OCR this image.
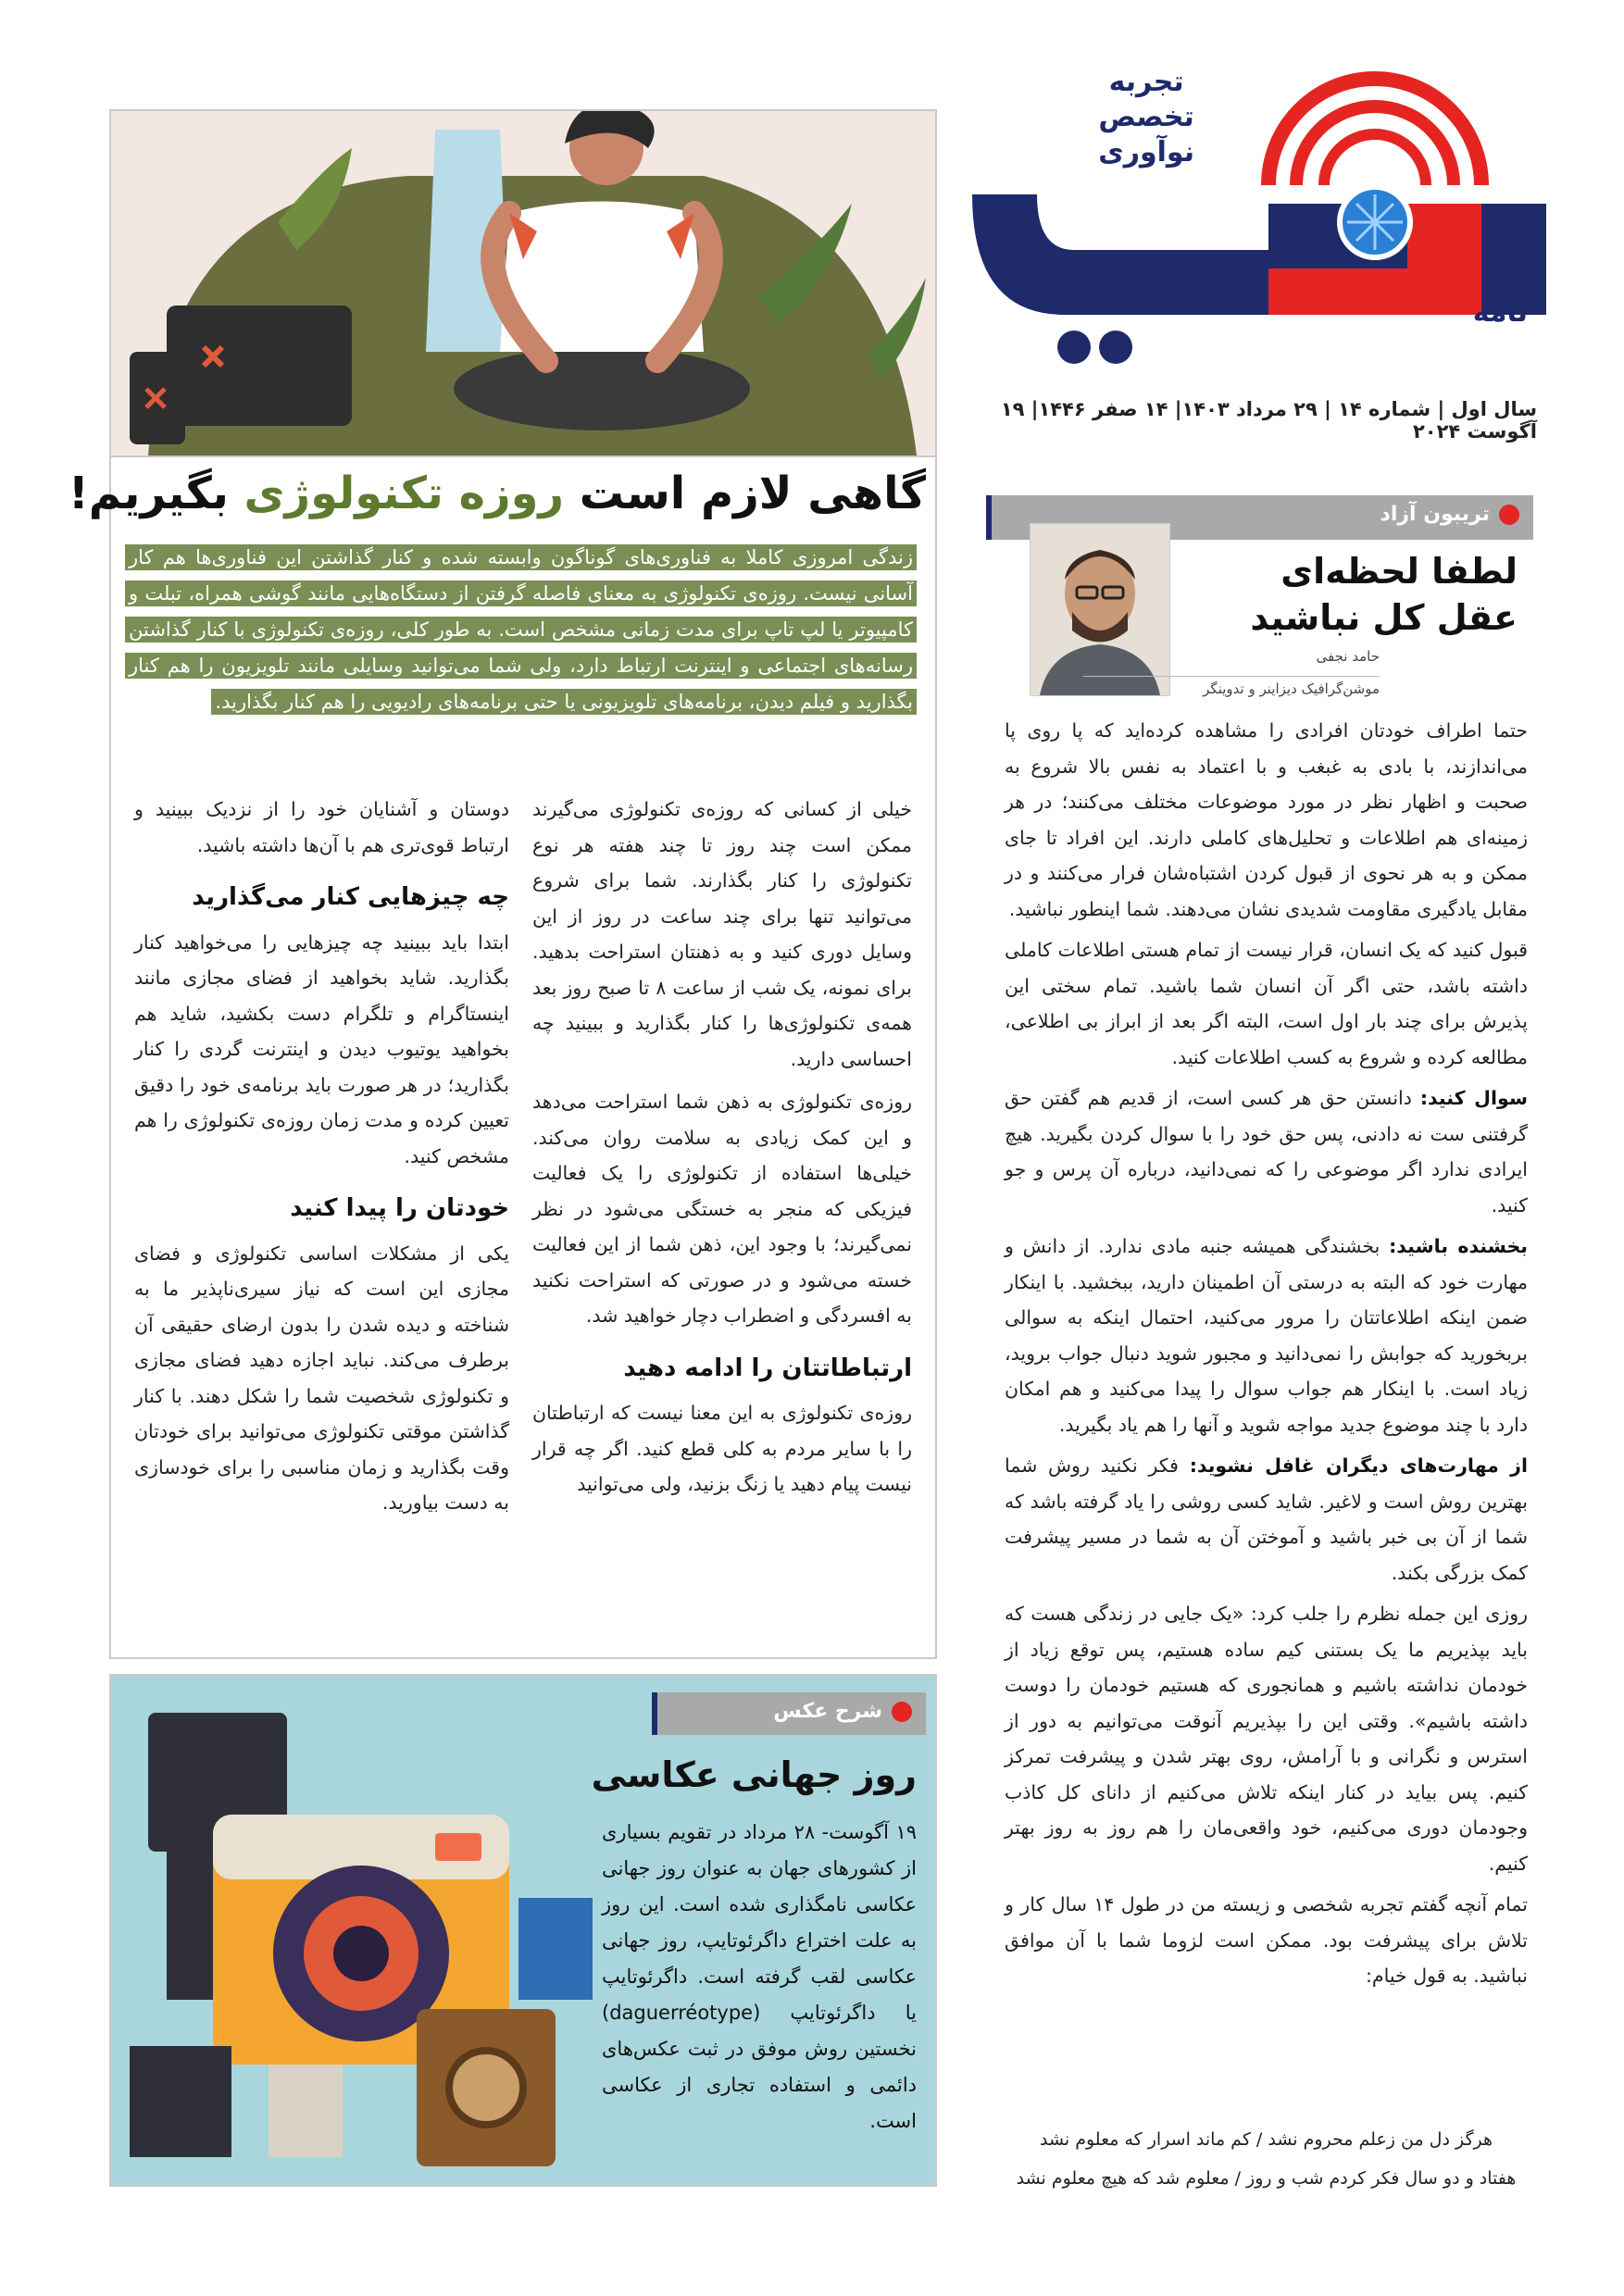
تجربه
تخصص
نوآوری
نامه
سال اول | شماره ۱۴ | ۲۹ مرداد ۱۴۰۳| ۱۴ صفر ۱۴۴۶| ۱۹ آگوست ۲۰۲۴
تریبون آزاد
لطفا لحظه‌ای
عقل کل نباشید
حامد نجفی
موشن‌گرافیک دیزاینر و تدوینگر

حتما اطراف خودتان افرادی را مشاهده کرده‌اید که پا روی پا می‌اندازند، با بادی به غبغب و با اعتماد به نفس بالا شروع به صحبت و اظهار نظر در مورد موضوعات مختلف می‌کنند؛ در هر زمینه‌ای هم اطلاعات و تحلیل‌های کاملی دارند. این افراد تا جای ممکن و به هر نحوی از قبول کردن اشتباه‌شان فرار می‌کنند و در مقابل یادگیری مقاومت شدیدی نشان می‌دهند. شما اینطور نباشید.

قبول کنید که یک انسان، قرار نیست از تمام هستی اطلاعات کاملی داشته باشد، حتی اگر آن انسان شما باشید. تمام سختی این پذیرش برای چند بار اول است، البته اگر بعد از ابراز بی اطلاعی، مطالعه کرده و شروع به کسب اطلاعات کنید.

سوال کنید: دانستن حق هر کسی است، از قدیم هم گفتن حق گرفتنی ست نه دادنی، پس حق خود را با سوال کردن بگیرید. هیچ ایرادی ندارد اگر موضوعی را که نمی‌دانید، درباره آن پرس و جو کنید.

بخشنده باشید: بخشندگی همیشه جنبه مادی ندارد. از دانش و مهارت خود که البته به درستی آن اطمینان دارید، ببخشید. با اینکار ضمن اینکه اطلاعاتتان را مرور می‌کنید، احتمال اینکه به سوالی بربخورید که جوابش را نمی‌دانید و مجبور شوید دنبال جواب بروید، زیاد است. با اینکار هم جواب سوال را پیدا می‌کنید و هم امکان دارد با چند موضوع جدید مواجه شوید و آنها را هم یاد بگیرید.

از مهارت‌های دیگران غافل نشوید: فکر نکنید روش شما بهترین روش است و لاغیر. شاید کسی روشی را یاد گرفته باشد که شما از آن بی خبر باشید و آموختن آن به شما در مسیر پیشرفت کمک بزرگی بکند.

روزی این جمله نظرم را جلب کرد: «یک جایی در زندگی هست که باید بپذیریم ما یک بستنی کیم ساده هستیم، پس توقع زیاد از خودمان نداشته باشیم و همانجوری که هستیم خودمان را دوست داشته باشیم». وقتی این را بپذیریم آنوقت می‌توانیم به دور از استرس و نگرانی و با آرامش، روی بهتر شدن و پیشرفت تمرکز کنیم. پس بیاید در کنار اینکه تلاش می‌کنیم از دانای کل کاذب وجودمان دوری می‌کنیم، خود واقعی‌مان را هم روز به روز بهتر کنیم.

تمام آنچه گفتم تجربه شخصی و زیسته من در طول ۱۴ سال کار و تلاش برای پیشرفت بود. ممکن است لزوما شما با آن موافق نباشید. به قول خیام:

هرگز دل من زعلم محروم نشد / کم ماند اسرار که معلوم نشد
هفتاد و دو سال فکر کردم شب و روز / معلوم شد که هیچ معلوم نشد
گاهی لازم است روزه تکنولوژی بگیریم!
زندگی امروزی کاملا به فناوری‌های گوناگون وابسته شده و کنار گذاشتن این فناوری‌ها هم کار آسانی نیست. روزه‌ی تکنولوژی به معنای فاصله گرفتن از دستگاه‌هایی مانند گوشی همراه، تبلت و کامپیوتر یا لپ تاپ برای مدت زمانی مشخص است. به طور کلی، روزه‌ی تکنولوژی با کنار گذاشتن رسانه‌های اجتماعی و اینترنت ارتباط دارد، ولی شما می‌توانید وسایلی مانند تلویزیون را هم کنار بگذارید و فیلم دیدن، برنامه‌های تلویزیونی یا حتی برنامه‌های رادیویی را هم کنار بگذارید.

خیلی از کسانی که روزه‌ی تکنولوژی می‌گیرند ممکن است چند روز تا چند هفته هر نوع تکنولوژی را کنار بگذارند. شما برای شروع می‌توانید تنها برای چند ساعت در روز از این وسایل دوری کنید و به ذهنتان استراحت بدهید. برای نمونه، یک شب از ساعت ۸ تا صبح روز بعد همه‌ی تکنولوژی‌ها را کنار بگذارید و ببینید چه احساسی دارید.

روزه‌ی تکنولوژی به ذهن شما استراحت می‌دهد و این کمک زیادی به سلامت روان می‌کند. خیلی‌ها استفاده از تکنولوژی را یک فعالیت فیزیکی که منجر به خستگی می‌شود در نظر نمی‌گیرند؛ با وجود این، ذهن شما از این فعالیت خسته می‌شود و در صورتی که استراحت نکنید به افسردگی و اضطراب دچار خواهید شد.

ارتباطاتتان را ادامه دهید

روزه‌ی تکنولوژی به این معنا نیست که ارتباطتان را با سایر مردم به کلی قطع کنید. اگر چه قرار نیست پیام دهید یا زنگ بزنید، ولی می‌توانید

دوستان و آشنایان خود را از نزدیک ببینید و ارتباط قوی‌تری هم با آن‌ها داشته باشید.

چه چیزهایی کنار می‌گذارید

ابتدا باید ببینید چه چیزهایی را می‌خواهید کنار بگذارید. شاید بخواهید از فضای مجازی مانند اینستاگرام و تلگرام دست بکشید، شاید هم بخواهید یوتیوب دیدن و اینترنت گردی را کنار بگذارید؛ در هر صورت باید برنامه‌ی خود را دقیق تعیین کرده و مدت زمان روزه‌ی تکنولوژی را هم مشخص کنید.

خودتان را پیدا کنید

یکی از مشکلات اساسی تکنولوژی و فضای مجازی این است که نیاز سیری‌ناپذیر ما به شناخته و دیده شدن را بدون ارضای حقیقی آن برطرف می‌کند. نباید اجازه دهید فضای مجازی و تکنولوژی شخصیت شما را شکل دهند. با کنار گذاشتن موقتی تکنولوژی می‌توانید برای خودتان وقت بگذارید و زمان مناسبی را برای خودسازی به دست بیاورید.

شرح عکس
روز جهانی عکاسی
۱۹ آگوست- ۲۸ مرداد در تقویم بسیاری از کشورهای جهان به عنوان روز جهانی عکاسی نامگذاری شده است. این روز به علت اختراع داگرئوتایپ، روز جهانی عکاسی لقب گرفته است. داگرئوتایپ یا داگرئوتایپ (daguerréotype) نخستین روش موفق در ثبت عکس‌های دائمی و استفاده تجاری از عکاسی است.
